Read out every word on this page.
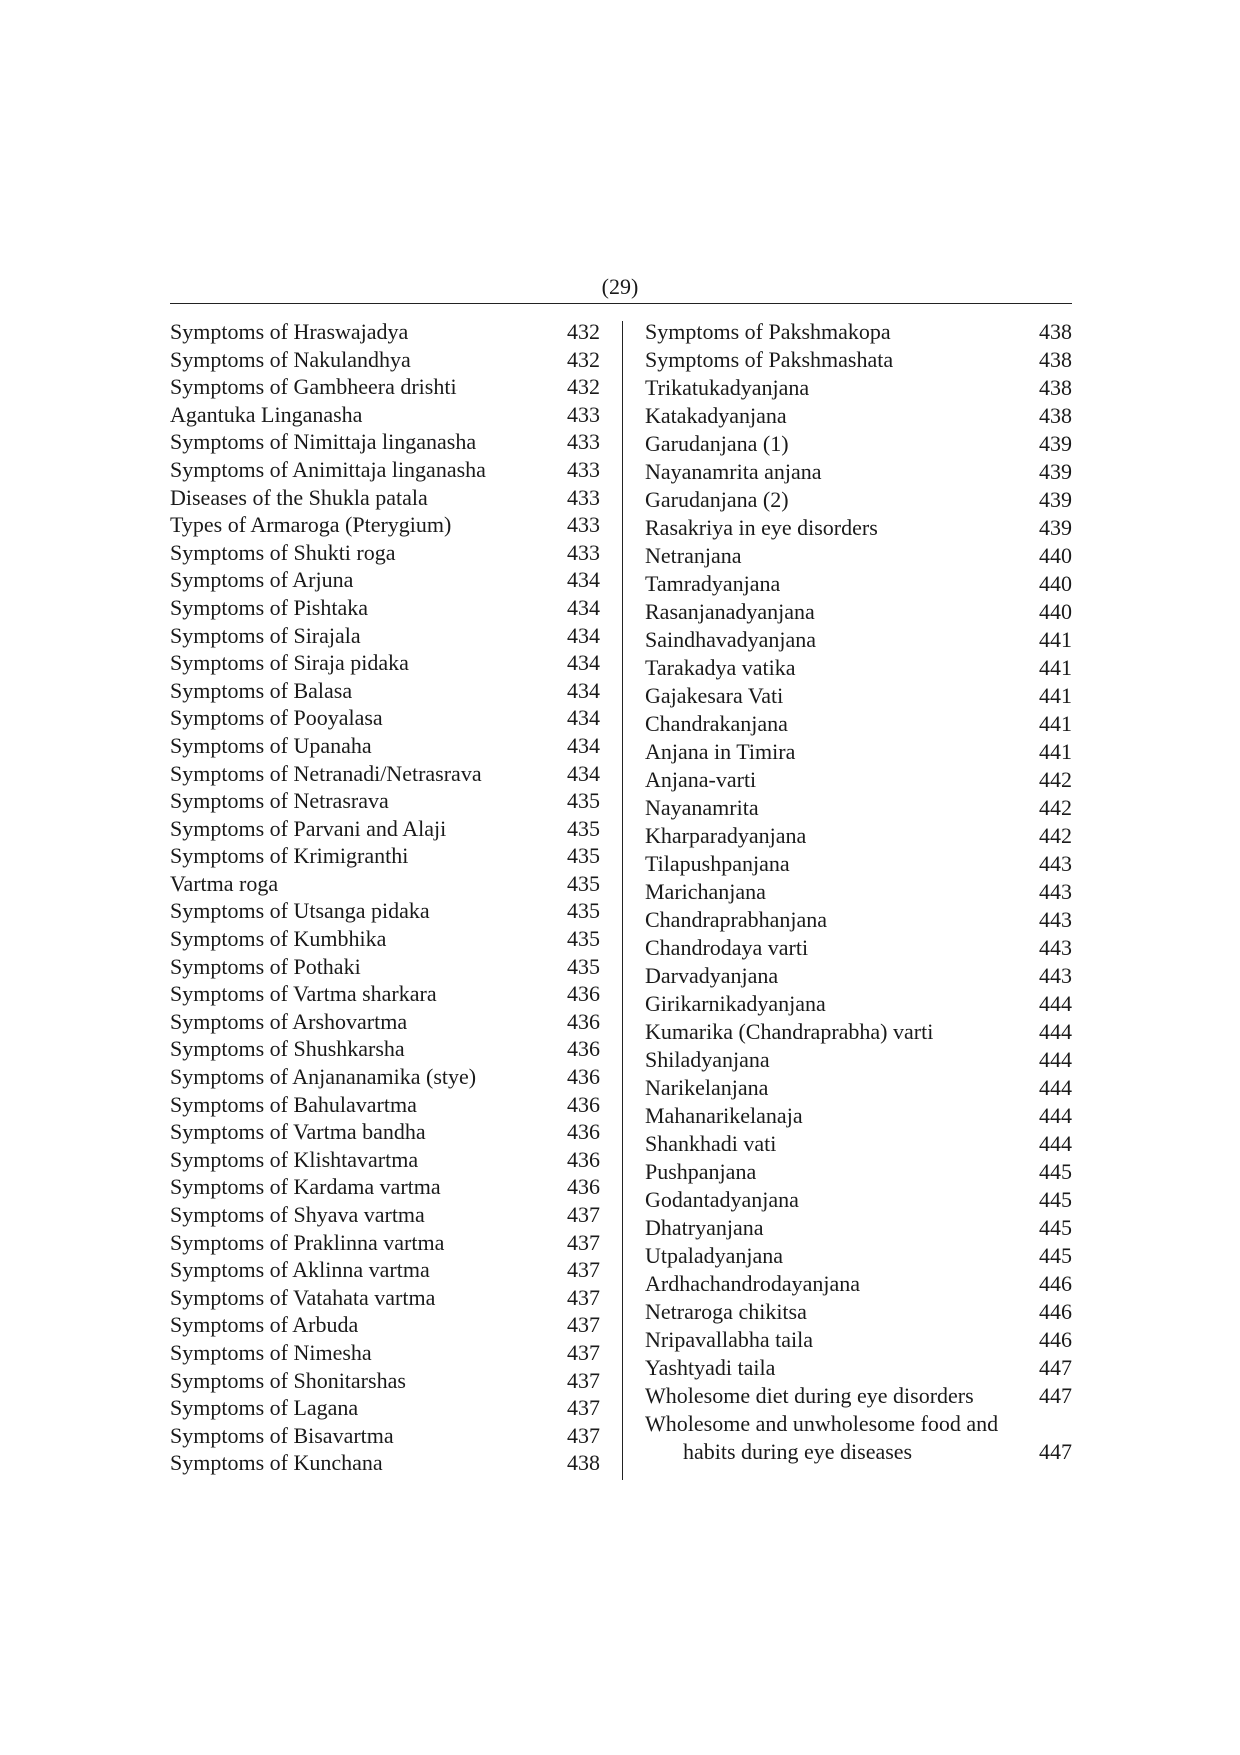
(29)
Symptoms of Hraswajadya	432
Symptoms of Nakulandhya	432
Symptoms of Gambheera drishti	432
Agantuka Linganasha	433
Symptoms of Nimittaja linganasha	433
Symptoms of Animittaja linganasha	433
Diseases of the Shukla patala	433
Types of Armaroga (Pterygium)	433
Symptoms of Shukti roga	433
Symptoms of Arjuna	434
Symptoms of Pishtaka	434
Symptoms of Sirajala	434
Symptoms of Siraja pidaka	434
Symptoms of Balasa	434
Symptoms of Pooyalasa	434
Symptoms of Upanaha	434
Symptoms of Netranadi/Netrasrava	434
Symptoms of Netrasrava	435
Symptoms of Parvani and Alaji	435
Symptoms of Krimigranthi	435
Vartma roga	435
Symptoms of Utsanga pidaka	435
Symptoms of Kumbhika	435
Symptoms of Pothaki	435
Symptoms of Vartma sharkara	436
Symptoms of Arshovartma	436
Symptoms of Shushkarsha	436
Symptoms of Anjananamika (stye)	436
Symptoms of Bahulavartma	436
Symptoms of Vartma bandha	436
Symptoms of Klishtavartma	436
Symptoms of Kardama vartma	436
Symptoms of Shyava vartma	437
Symptoms of Praklinna vartma	437
Symptoms of Aklinna vartma	437
Symptoms of Vatahata vartma	437
Symptoms of Arbuda	437
Symptoms of Nimesha	437
Symptoms of Shonitarshas	437
Symptoms of Lagana	437
Symptoms of Bisavartma	437
Symptoms of Kunchana	438
Symptoms of Pakshmakopa	438
Symptoms of Pakshmashata	438
Trikatukadyanjana	438
Katakadyanjana	438
Garudanjana (1)	439
Nayanamrita anjana	439
Garudanjana (2)	439
Rasakriya in eye disorders	439
Netranjana	440
Tamradyanjana	440
Rasanjanadyanjana	440
Saindhavadyanjana	441
Tarakadya vatika	441
Gajakesara Vati	441
Chandrakanjana	441
Anjana in Timira	441
Anjana-varti	442
Nayanamrita	442
Kharparadyanjana	442
Tilapushpanjana	443
Marichanjana	443
Chandraprabhanjana	443
Chandrodaya varti	443
Darvadyanjana	443
Girikarnikadyanjana	444
Kumarika (Chandraprabha) varti	444
Shiladyanjana	444
Narikelanjana	444
Mahanarikelanaja	444
Shankhadi vati	444
Pushpanjana	445
Godantadyanjana	445
Dhatryanjana	445
Utpaladyanjana	445
Ardhachandrodayanjana	446
Netraroga chikitsa	446
Nripavallabha taila	446
Yashtyadi taila	447
Wholesome diet during eye disorders	447
Wholesome and unwholesome food and
habits during eye diseases	447
